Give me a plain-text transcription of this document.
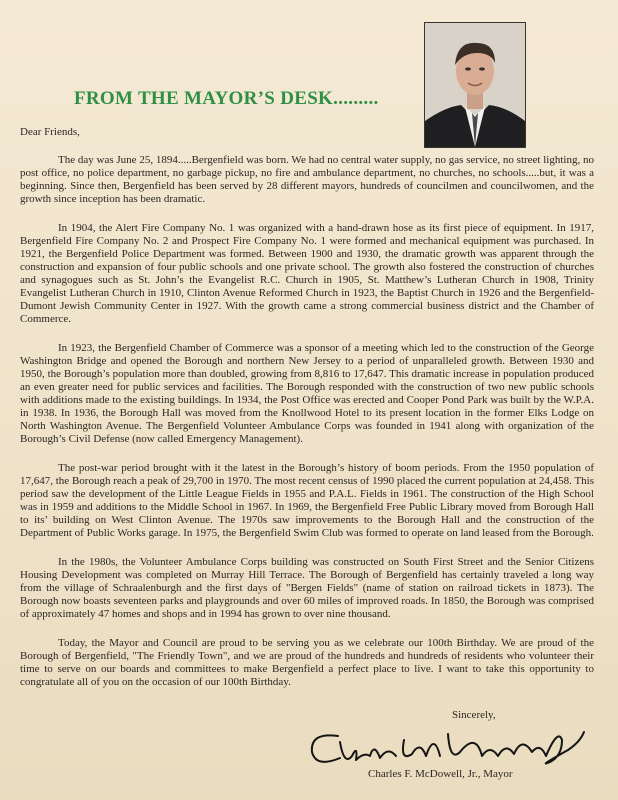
FROM THE MAYOR’S DESK.........

Dear Friends,

The day was June 25, 1894.....Bergenfield was born. We had no central water supply, no gas service, no street lighting, no post office, no police department, no garbage pickup, no fire and ambulance department, no churches, no schools.....but, it was a beginning. Since then, Bergenfield has been served by 28 different mayors, hundreds of councilmen and councilwomen, and the growth since inception has been dramatic.

In 1904, the Alert Fire Company No. 1 was organized with a hand-drawn hose as its first piece of equipment. In 1917, Bergenfield Fire Company No. 2 and Prospect Fire Company No. 1 were formed and mechanical equipment was purchased. In 1921, the Bergenfield Police Department was formed. Between 1900 and 1930, the dramatic growth was apparent through the construction and expansion of four public schools and one private school. The growth also fostered the construction of churches and synagogues such as St. John’s the Evangelist R.C. Church in 1905, St. Matthew’s Lutheran Church in 1908, Trinity Evangelist Lutheran Church in 1910, Clinton Avenue Reformed Church in 1923, the Baptist Church in 1926 and the Bergenfield-Dumont Jewish Community Center in 1927. With the growth came a strong commercial business district and the Chamber of Commerce.

In 1923, the Bergenfield Chamber of Commerce was a sponsor of a meeting which led to the construction of the George Washington Bridge and opened the Borough and northern New Jersey to a period of unparalleled growth. Between 1930 and 1950, the Borough’s population more than doubled, growing from 8,816 to 17,647. This dramatic increase in population produced an even greater need for public services and facilities. The Borough responded with the construction of two new public schools with additions made to the existing buildings. In 1934, the Post Office was erected and Cooper Pond Park was built by the W.P.A. in 1938. In 1936, the Borough Hall was moved from the Knollwood Hotel to its present location in the former Elks Lodge on North Washington Avenue. The Bergenfield Volunteer Ambulance Corps was founded in 1941 along with organization of the Borough’s Civil Defense (now called Emergency Management).

The post-war period brought with it the latest in the Borough’s history of boom periods. From the 1950 population of 17,647, the Borough reach a peak of 29,700 in 1970. The most recent census of 1990 placed the current population at 24,458. This period saw the development of the Little League Fields in 1955 and P.A.L. Fields in 1961. The construction of the High School was in 1959 and additions to the Middle School in 1967. In 1969, the Bergenfield Free Public Library moved from Borough Hall to its’ building on West Clinton Avenue. The 1970s saw improvements to the Borough Hall and the construction of the Department of Public Works garage. In 1975, the Bergenfield Swim Club was formed to operate on land leased from the Borough.

In the 1980s, the Volunteer Ambulance Corps building was constructed on South First Street and the Senior Citizens Housing Development was completed on Murray Hill Terrace. The Borough of Bergenfield has certainly traveled a long way from the village of Schraalenburgh and the first days of "Bergen Fields" (name of station on railroad tickets in 1873). The Borough now boasts seventeen parks and playgrounds and over 60 miles of improved roads. In 1850, the Borough was comprised of approximately 47 homes and shops and in 1994 has grown to over nine thousand.

Today, the Mayor and Council are proud to be serving you as we celebrate our 100th Birthday. We are proud of the Borough of Bergenfield, "The Friendly Town", and we are proud of the hundreds and hundreds of residents who volunteer their time to serve on our boards and committees to make Bergenfield a perfect place to live. I want to take this opportunity to congratulate all of you on the occasion of our 100th Birthday.

Sincerely,
Charles F. McDowell, Jr., Mayor
